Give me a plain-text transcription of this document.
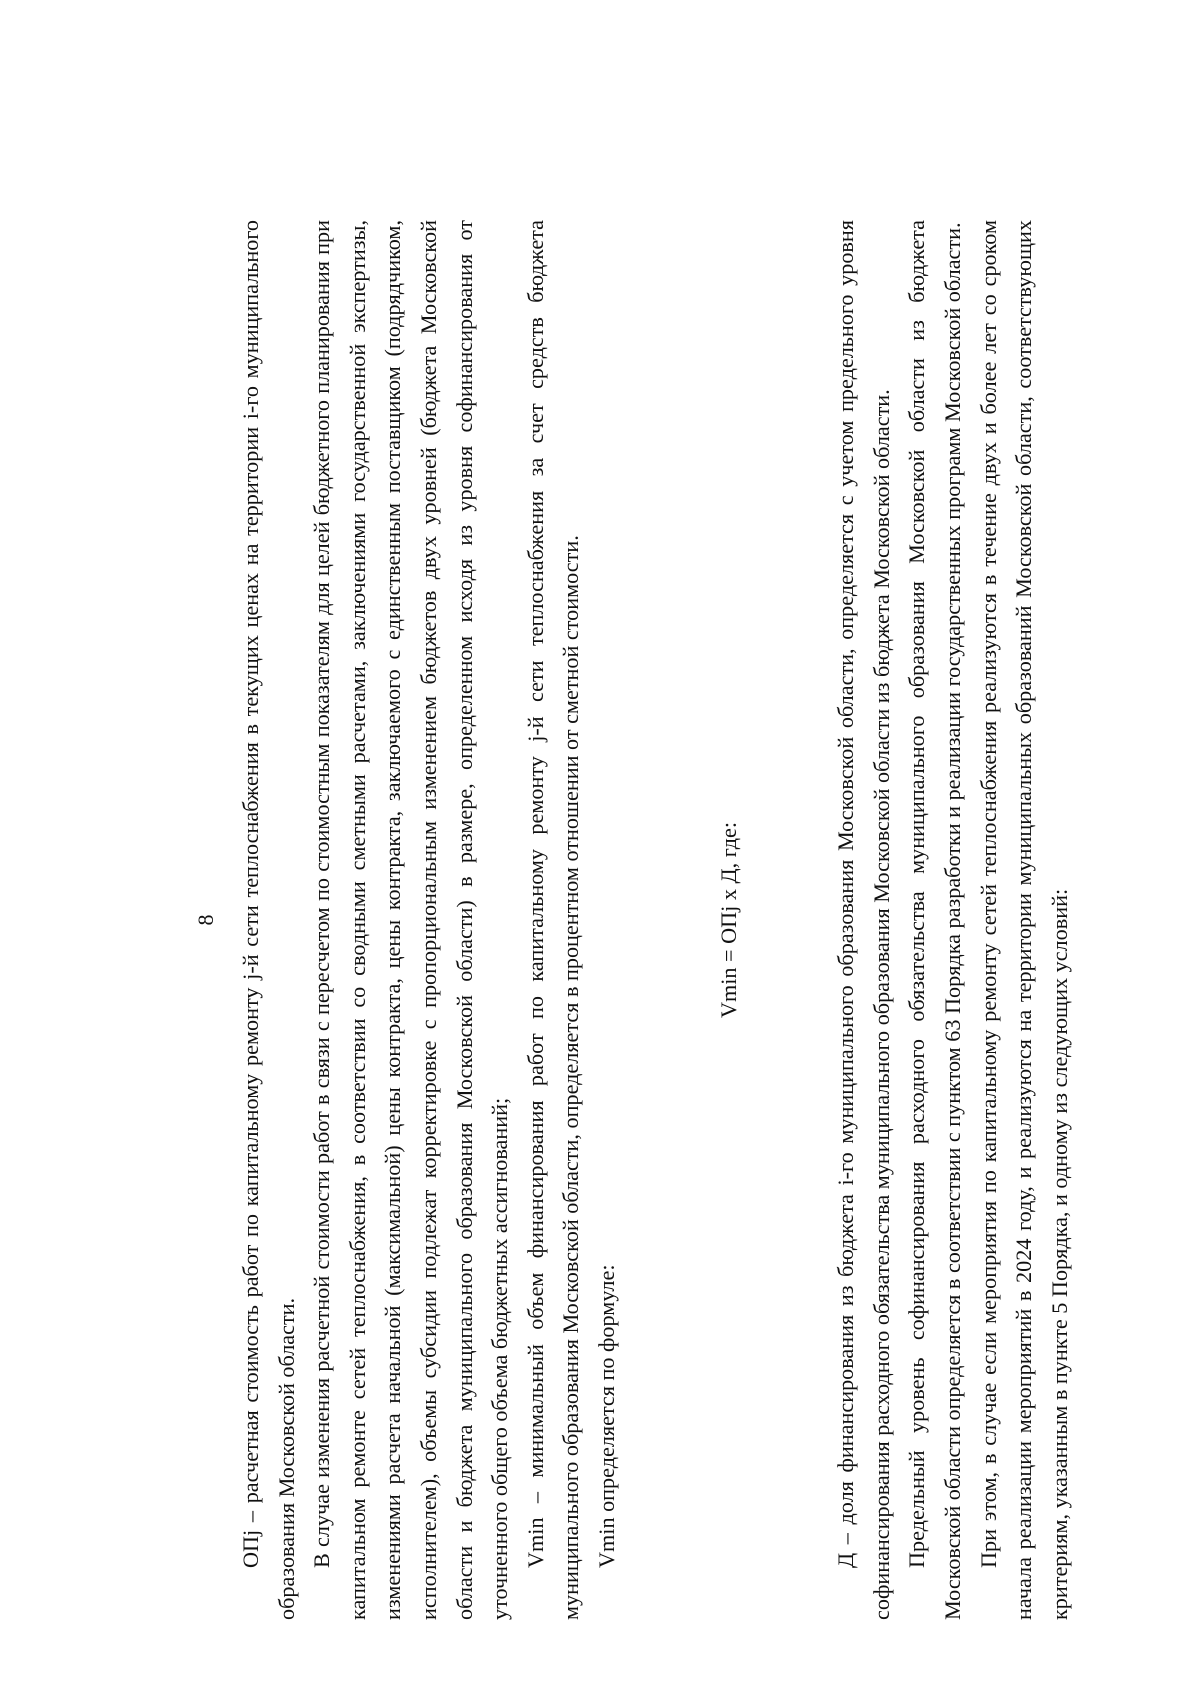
8 ОПj – расчетная стоимость работ по капитальному ремонту j-й сети теплоснабжения в текущих ценах на территории i-го муниципального образования Московской области. В случае изменения расчетной стоимости работ в связи с пересчетом по стоимостным показателям для целей бюджетного планирования при капитальном ремонте сетей теплоснабжения, в соответствии со сводными сметными расчетами, заключениями государственной экспертизы, изменениями расчета начальной (максимальной) цены контракта, цены контракта, заключаемого с единственным поставщиком (подрядчиком, исполнителем), объемы субсидии подлежат корректировке с пропорциональным изменением бюджетов двух уровней (бюджета Московской области и бюджета муниципального образования Московской области) в размере, определенном исходя из уровня софинансирования от уточненного общего объема бюджетных ассигнований; Vmin – минимальный объем финансирования работ по капитальному ремонту j-й сети теплоснабжения за счет средств бюджета муниципального образования Московской области, определяется в процентном отношении от сметной стоимости. Vmin определяется по формуле:

Vmin = ОПj х Д, где:	Д – доля финансирования из бюджета i-го муниципального образования Московской области, определяется с учетом предельного уровня софинансирования расходного обязательства муниципального образования Московской области из бюджета Московской области. Предельный уровень софинансирования расходного обязательства муниципального образования Московской области из бюджета Московской области определяется в соответствии с пунктом 63 Порядка разработки и реализации государственных программ Московской области. При этом, в случае если мероприятия по капитальному ремонту сетей теплоснабжения реализуются в течение двух и более лет со сроком начала реализации мероприятий в 2024 году, и реализуются на территории муниципальных образований Московской области, соответствующих критериям, указанным в пункте 5 Порядка, и одному из следующих условий:
